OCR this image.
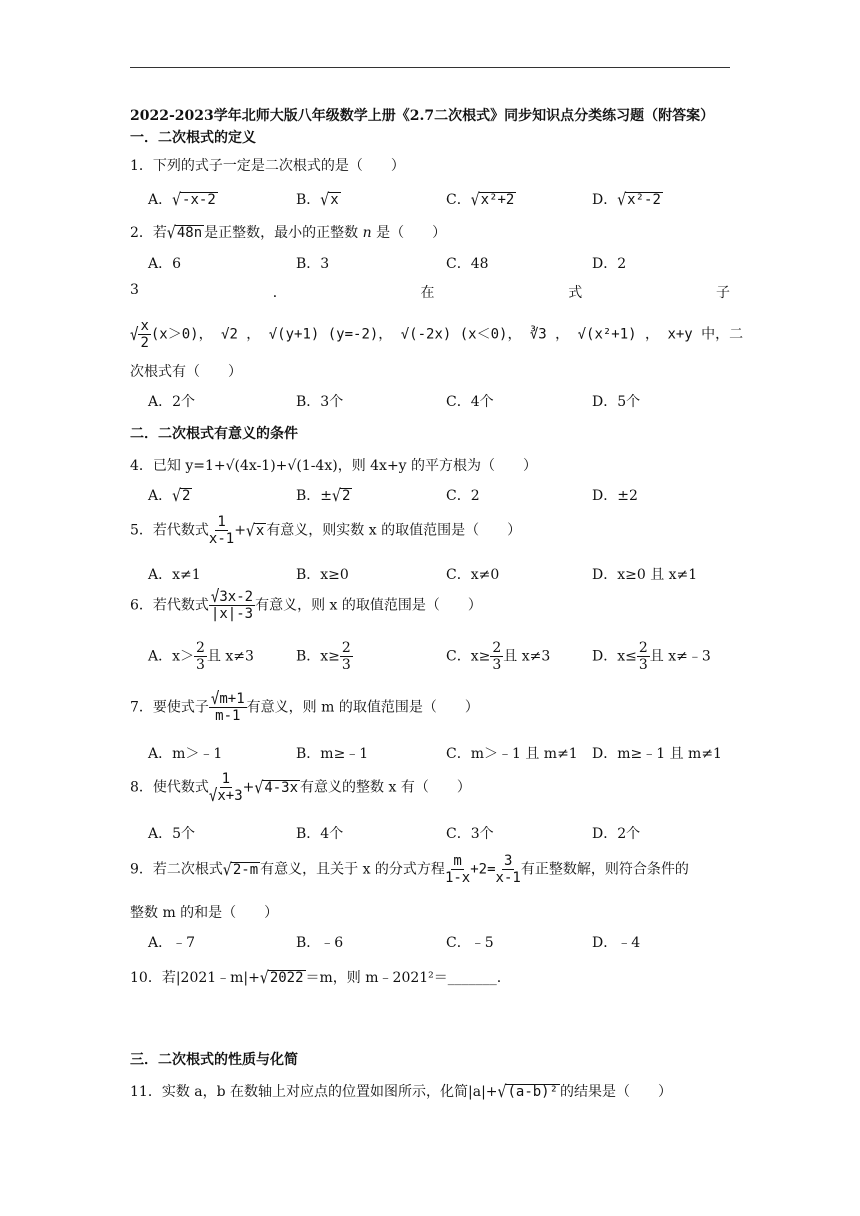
2022-2023学年北师大版八年级数学上册《2.7二次根式》同步知识点分类练习题（附答案）
一．二次根式的定义
1．下列的式子一定是二次根式的是（　　）
A．√-x-2	B．√x	C．√x²+2	D．√x²-2
2．若√48n 是正整数，最小的正整数 n 是（　　）
A．6	B．3	C．48	D．2
3	．	在	式	子
√ $\frac{x}{2} (x>0)$， √2 ， √(y+1) (y=-2)， √(-2x) (x＜0)， ∛3 ， √(x²+1) ， x+y 中，二
次根式有（　　）
A．2个	B．3个	C．4个	D．5个
二．二次根式有意义的条件
4．已知 y=1+√(4x-1)+√(1-4x)，则 4x+y 的平方根为（　　）
A．√2	B．±√2	C．2	D．±2
5．若代数式 $\frac{1}{x-1} +√x$ 有意义，则实数 x 的取值范围是（　　）
A．x≠1	B．x≥0	C．x≠0	D．x≥0 且 x≠1
6．若代数式 $\frac{√3x-2}{|x|-3}$ 有意义，则 x 的取值范围是（　　）
A．$x> \frac{2}{3}$ 且 x≠3	B．$x\ge \frac{2}{3}$	C．$x\ge \frac{2}{3}$ 且 x≠3	D．$x\le \frac{2}{3}$ 且 x≠﹣3
7．要使式子 $\frac{√m+1}{m-1}$ 有意义，则 m 的取值范围是（　　）
A．m＞﹣1	B．m≥﹣1	C．m＞﹣1 且 m≠1 D．m≥﹣1 且 m≠1
8．使代数式 $\frac{1}{√x+3} +√4-3x$ 有意义的整数 x 有（　　）
A．5个	B．4个	C．3个	D．2个
9．若二次根式√2-m 有意义，且关于 x 的分式方程 $\frac{m}{1-x} +2= \frac{3}{x-1}$ 有正整数解，则符合条件的
整数 m 的和是（　　）
A．﹣7	B．﹣6	C．﹣5	D．﹣4
10．若|2021﹣m|+√2022 ＝m，则 m﹣2021²＝_______.
三．二次根式的性质与化简
11．实数 a，b 在数轴上对应点的位置如图所示，化简|a|+√(a-b)² 的结果是（　　）
